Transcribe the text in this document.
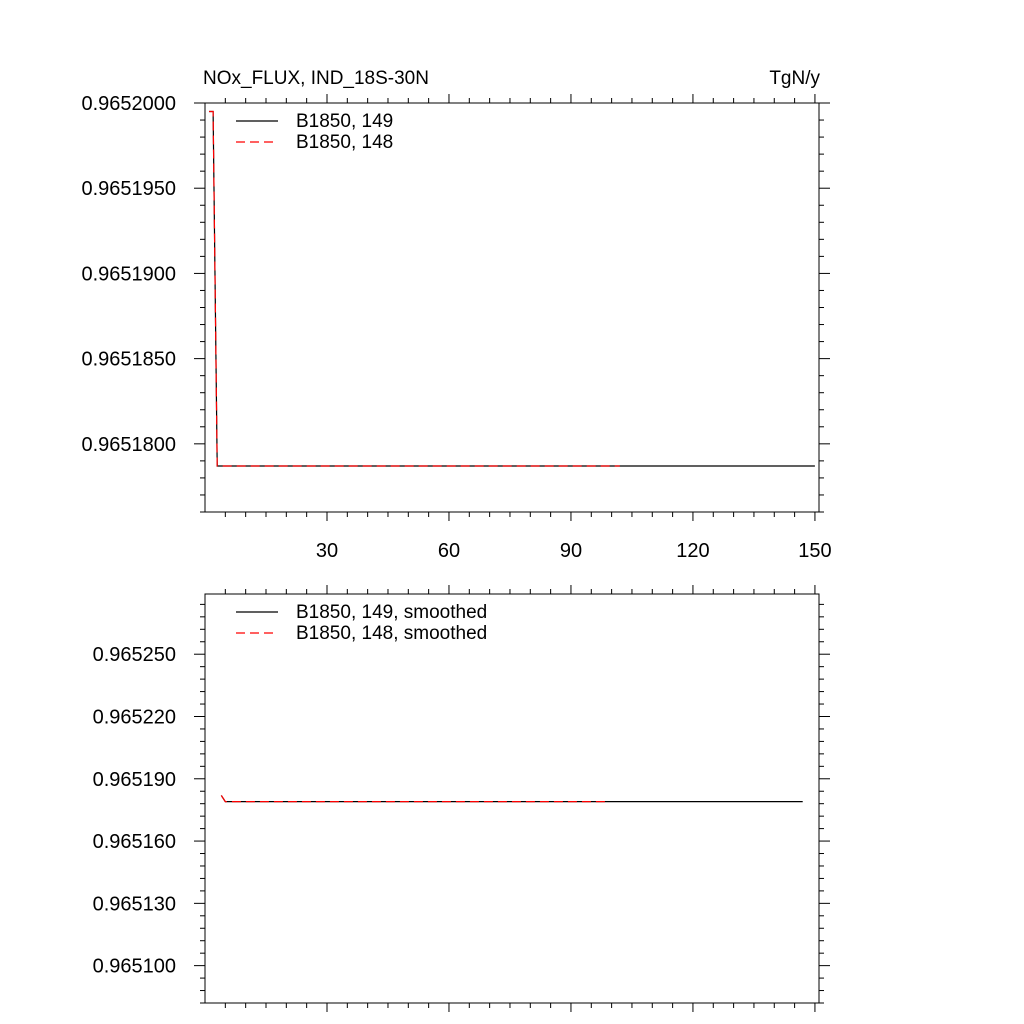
NOx_FLUX, IND_18S-30N	TgN/y
30	60	90	120	150
0.9651800
0.9651850
0.9651900
0.9651950
0.9652000
B1850, 149
B1850, 148
0.965100
0.965130
0.965160
0.965190
0.965220
0.965250
B1850, 149, smoothed
B1850, 148, smoothed
